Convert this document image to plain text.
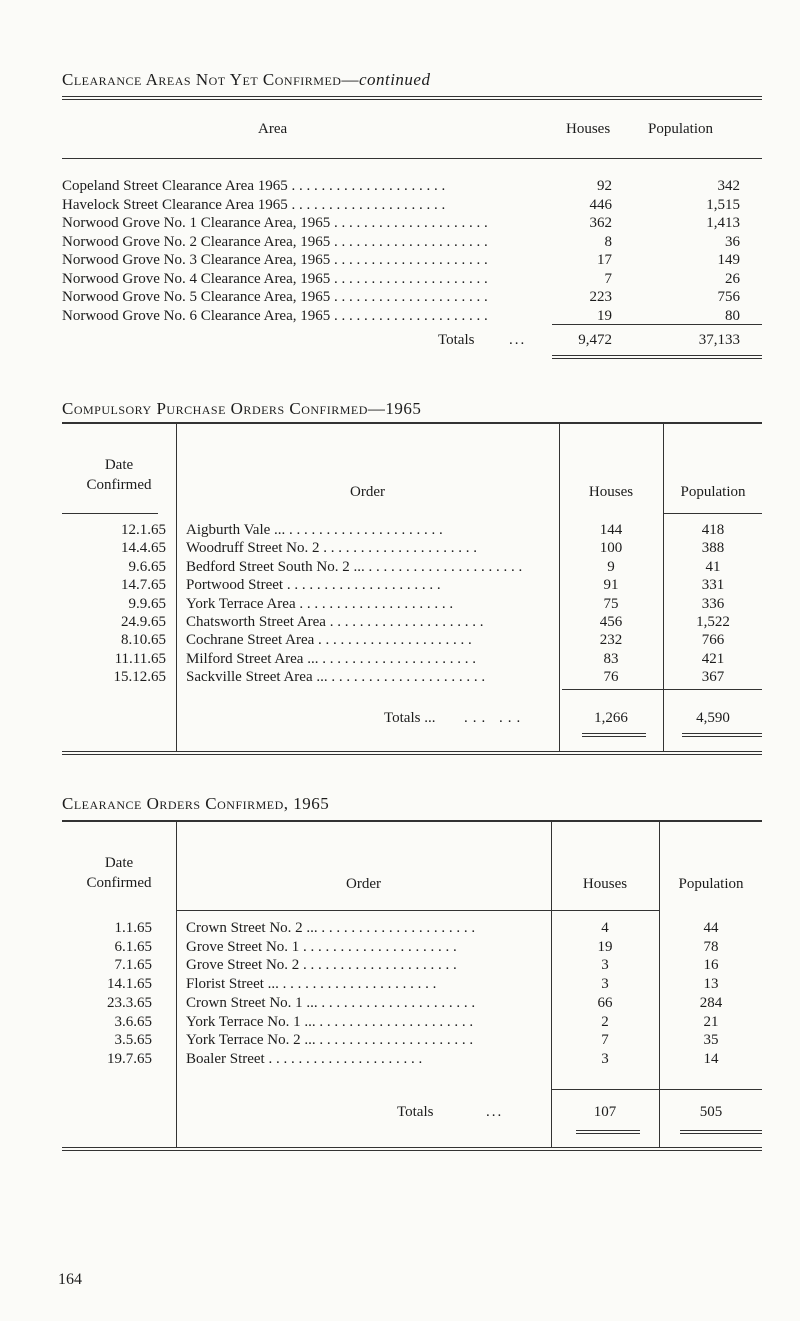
Clearance Areas Not Yet Confirmed—continued
Area	Houses	Population
Copeland Street Clearance Area 1965 . . . . . . . . . . . . . . . . . . . . .	92	342
Havelock Street Clearance Area 1965 . . . . . . . . . . . . . . . . . . . . .	446	1,515
Norwood Grove No. 1 Clearance Area, 1965 . . . . . . . . . . . . . . . . . . . . .	362	1,413
Norwood Grove No. 2 Clearance Area, 1965 . . . . . . . . . . . . . . . . . . . . .	8	36
Norwood Grove No. 3 Clearance Area, 1965 . . . . . . . . . . . . . . . . . . . . .	17	149
Norwood Grove No. 4 Clearance Area, 1965 . . . . . . . . . . . . . . . . . . . . .	7	26
Norwood Grove No. 5 Clearance Area, 1965 . . . . . . . . . . . . . . . . . . . . .	223	756
Norwood Grove No. 6 Clearance Area, 1965 . . . . . . . . . . . . . . . . . . . . .	19	80
Totals ...	9,472	37,133
Compulsory Purchase Orders Confirmed—1965
Date
Confirmed	Order	Houses	Population
12.1.65 Aigburth Vale ... . . . . . . . . . . . . . . . . . . . . .	144	418
14.4.65 Woodruff Street No. 2 . . . . . . . . . . . . . . . . . . . . .	100	388
9.6.65 Bedford Street South No. 2 ... . . . . . . . . . . . . . . . . . . . . .	9	41
14.7.65 Portwood Street . . . . . . . . . . . . . . . . . . . . .	91	331
9.9.65 York Terrace Area . . . . . . . . . . . . . . . . . . . . .	75	336
24.9.65 Chatsworth Street Area . . . . . . . . . . . . . . . . . . . . .	456	1,522
8.10.65 Cochrane Street Area . . . . . . . . . . . . . . . . . . . . .	232	766
11.11.65 Milford Street Area ... . . . . . . . . . . . . . . . . . . . . .	83	421
15.12.65 Sackville Street Area ... . . . . . . . . . . . . . . . . . . . . .	76	367
Totals ... ... ...	1,266	4,590
Clearance Orders Confirmed, 1965
Date
Confirmed	Order	Houses	Population
1.1.65 Crown Street No. 2 ... . . . . . . . . . . . . . . . . . . . . .	4	44
6.1.65 Grove Street No. 1 . . . . . . . . . . . . . . . . . . . . .	19	78
7.1.65 Grove Street No. 2 . . . . . . . . . . . . . . . . . . . . .	3	16
14.1.65 Florist Street ... . . . . . . . . . . . . . . . . . . . . .	3	13
23.3.65 Crown Street No. 1 ... . . . . . . . . . . . . . . . . . . . . .	66	284
3.6.65 York Terrace No. 1 ... . . . . . . . . . . . . . . . . . . . . .	2	21
3.5.65 York Terrace No. 2 ... . . . . . . . . . . . . . . . . . . . . .	7	35
19.7.65 Boaler Street . . . . . . . . . . . . . . . . . . . . .	3	14
Totals	...	107	505
164
